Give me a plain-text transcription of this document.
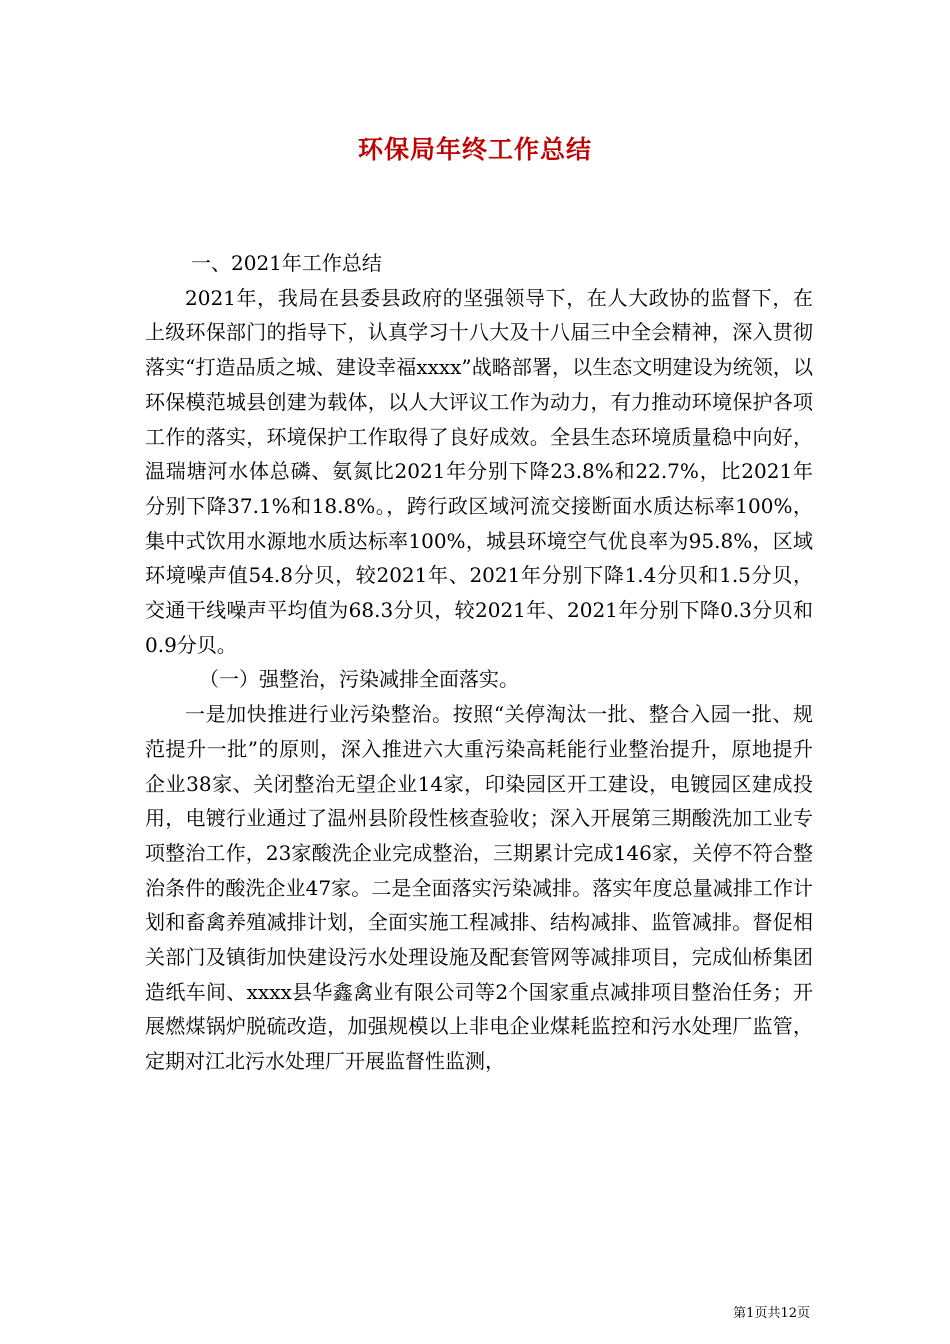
环保局年终工作总结

一、2021年工作总结

2021年，我局在县委县政府的坚强领导下，在人大政协的监督下，在上级环保部门的指导下，认真学习十八大及十八届三中全会精神，深入贯彻落实“打造品质之城、建设幸福xxxx”战略部署，以生态文明建设为统领，以环保模范城县创建为载体，以人大评议工作为动力，有力推动环境保护各项工作的落实，环境保护工作取得了良好成效。全县生态环境质量稳中向好，温瑞塘河水体总磷、氨氮比2021年分别下降23.8%和22.7%，比2021年分别下降37.1%和18.8%。，跨行政区域河流交接断面水质达标率100%，集中式饮用水源地水质达标率100%，城县环境空气优良率为95.8%，区域环境噪声值54.8分贝，较2021年、2021年分别下降1.4分贝和1.5分贝，交通干线噪声平均值为68.3分贝，较2021年、2021年分别下降0.3分贝和0.9分贝。

（一）强整治，污染减排全面落实。

一是加快推进行业污染整治。按照“关停淘汰一批、整合入园一批、规范提升一批”的原则，深入推进六大重污染高耗能行业整治提升，原地提升企业38家、关闭整治无望企业14家，印染园区开工建设，电镀园区建成投用，电镀行业通过了温州县阶段性核查验收；深入开展第三期酸洗加工业专项整治工作，23家酸洗企业完成整治，三期累计完成146家，关停不符合整治条件的酸洗企业47家。二是全面落实污染减排。落实年度总量减排工作计划和畜禽养殖减排计划，全面实施工程减排、结构减排、监管减排。督促相关部门及镇街加快建设污水处理设施及配套管网等减排项目，完成仙桥集团造纸车间、xxxx县华鑫禽业有限公司等2个国家重点减排项目整治任务；开展燃煤锅炉脱硫改造，加强规模以上非电企业煤耗监控和污水处理厂监管，定期对江北污水处理厂开展监督性监测，

第1页共12页
